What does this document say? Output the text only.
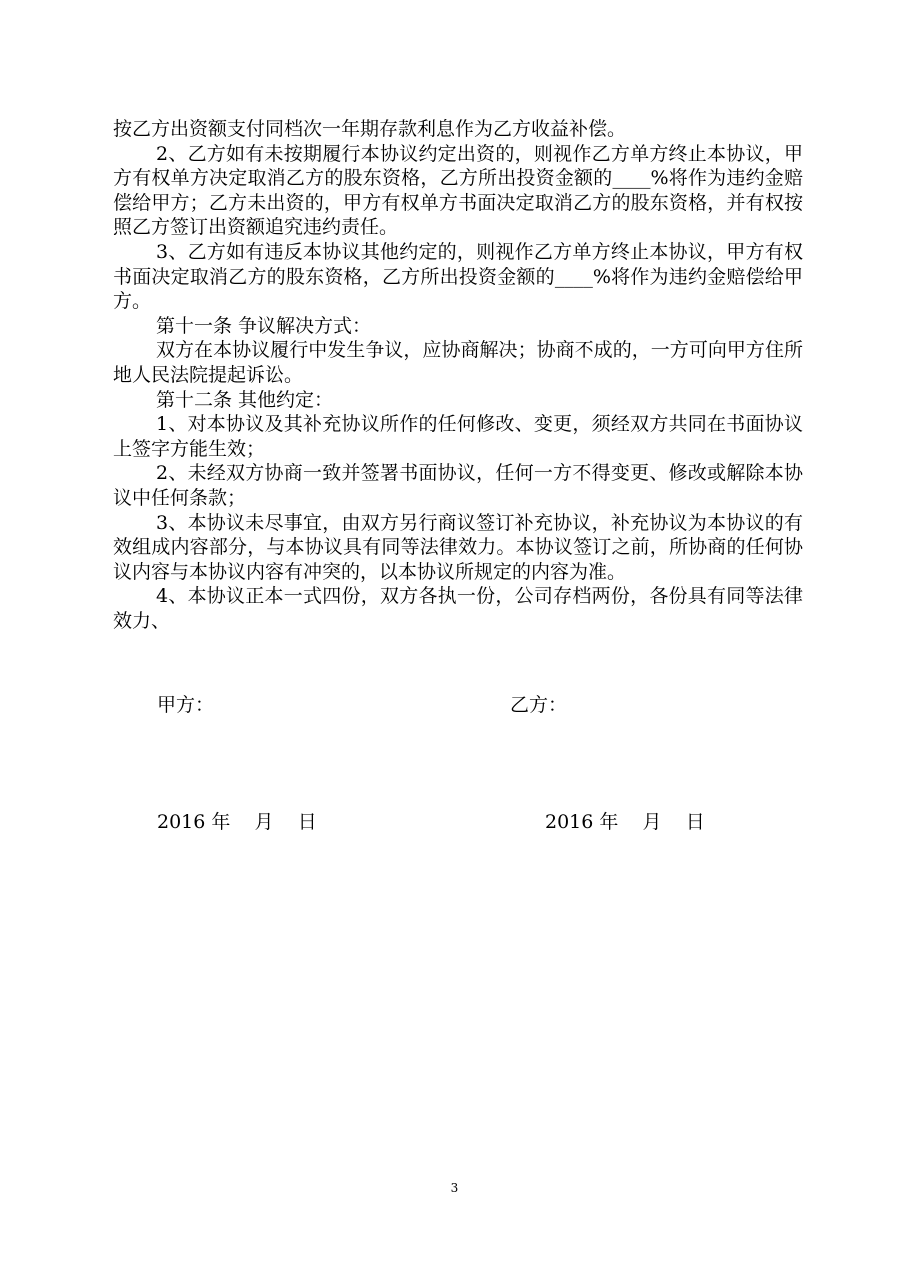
按乙方出资额支付同档次一年期存款利息作为乙方收益补偿。

2、乙方如有未按期履行本协议约定出资的，则视作乙方单方终止本协议，甲方有权单方决定取消乙方的股东资格，乙方所出投资金额的____%将作为违约金赔偿给甲方；乙方未出资的，甲方有权单方书面决定取消乙方的股东资格，并有权按照乙方签订出资额追究违约责任。

3、乙方如有违反本协议其他约定的，则视作乙方单方终止本协议，甲方有权书面决定取消乙方的股东资格，乙方所出投资金额的____%将作为违约金赔偿给甲方。

第十一条 争议解决方式：

双方在本协议履行中发生争议，应协商解决；协商不成的，一方可向甲方住所地人民法院提起诉讼。

第十二条 其他约定：

1、对本协议及其补充协议所作的任何修改、变更，须经双方共同在书面协议上签字方能生效；

2、未经双方协商一致并签署书面协议，任何一方不得变更、修改或解除本协议中任何条款；

3、本协议未尽事宜，由双方另行商议签订补充协议，补充协议为本协议的有效组成内容部分，与本协议具有同等法律效力。本协议签订之前，所协商的任何协议内容与本协议内容有冲突的，以本协议所规定的内容为准。

4、本协议正本一式四份，双方各执一份，公司存档两份，各份具有同等法律效力、

甲方：	乙方：
2016 年    月    日	2016 年    月    日
3
